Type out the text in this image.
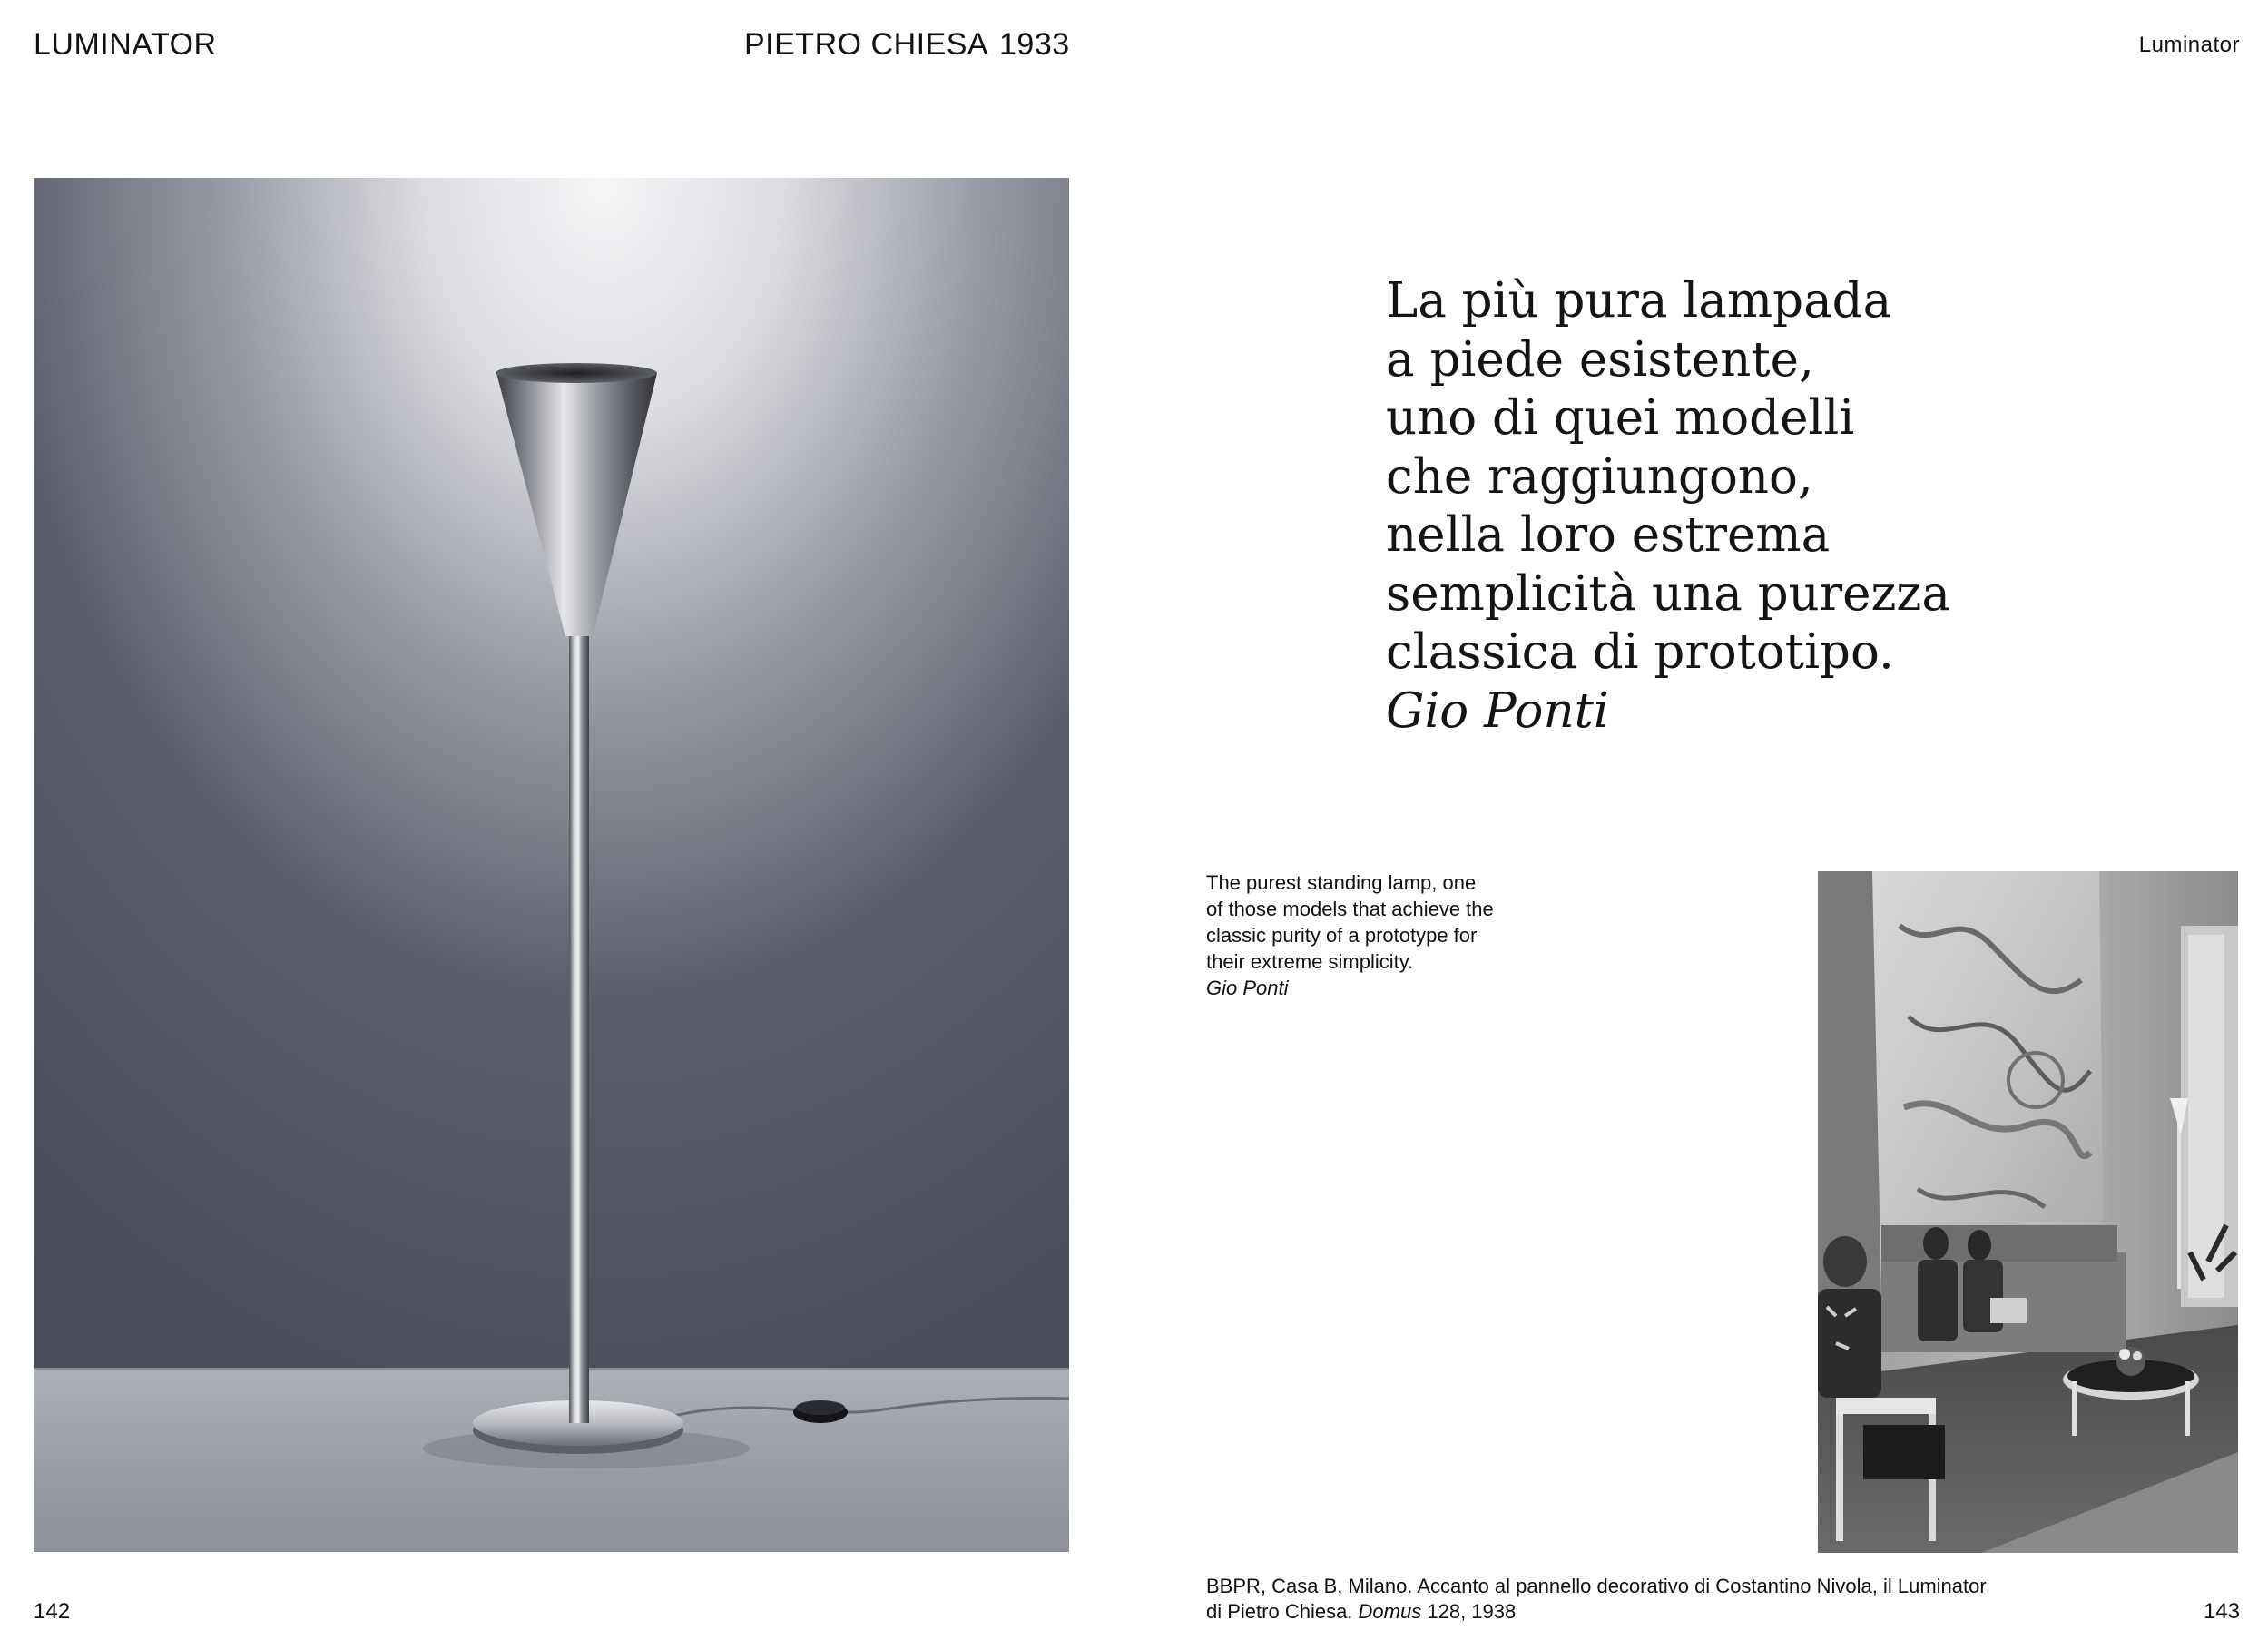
LUMINATOR	PIETRO CHIESA 1933	Luminator
La più pura lampada
a piede esistente,
uno di quei modelli
che raggiungono,
nella loro estrema
semplicità una purezza
classica di prototipo.
Gio Ponti
The purest standing lamp, one
of those models that achieve the
classic purity of a prototype for
their extreme simplicity.
Gio Ponti
BBPR, Casa B, Milano. Accanto al pannello decorativo di Costantino Nivola, il Luminator
di Pietro Chiesa. Domus 128, 1938
142	143
